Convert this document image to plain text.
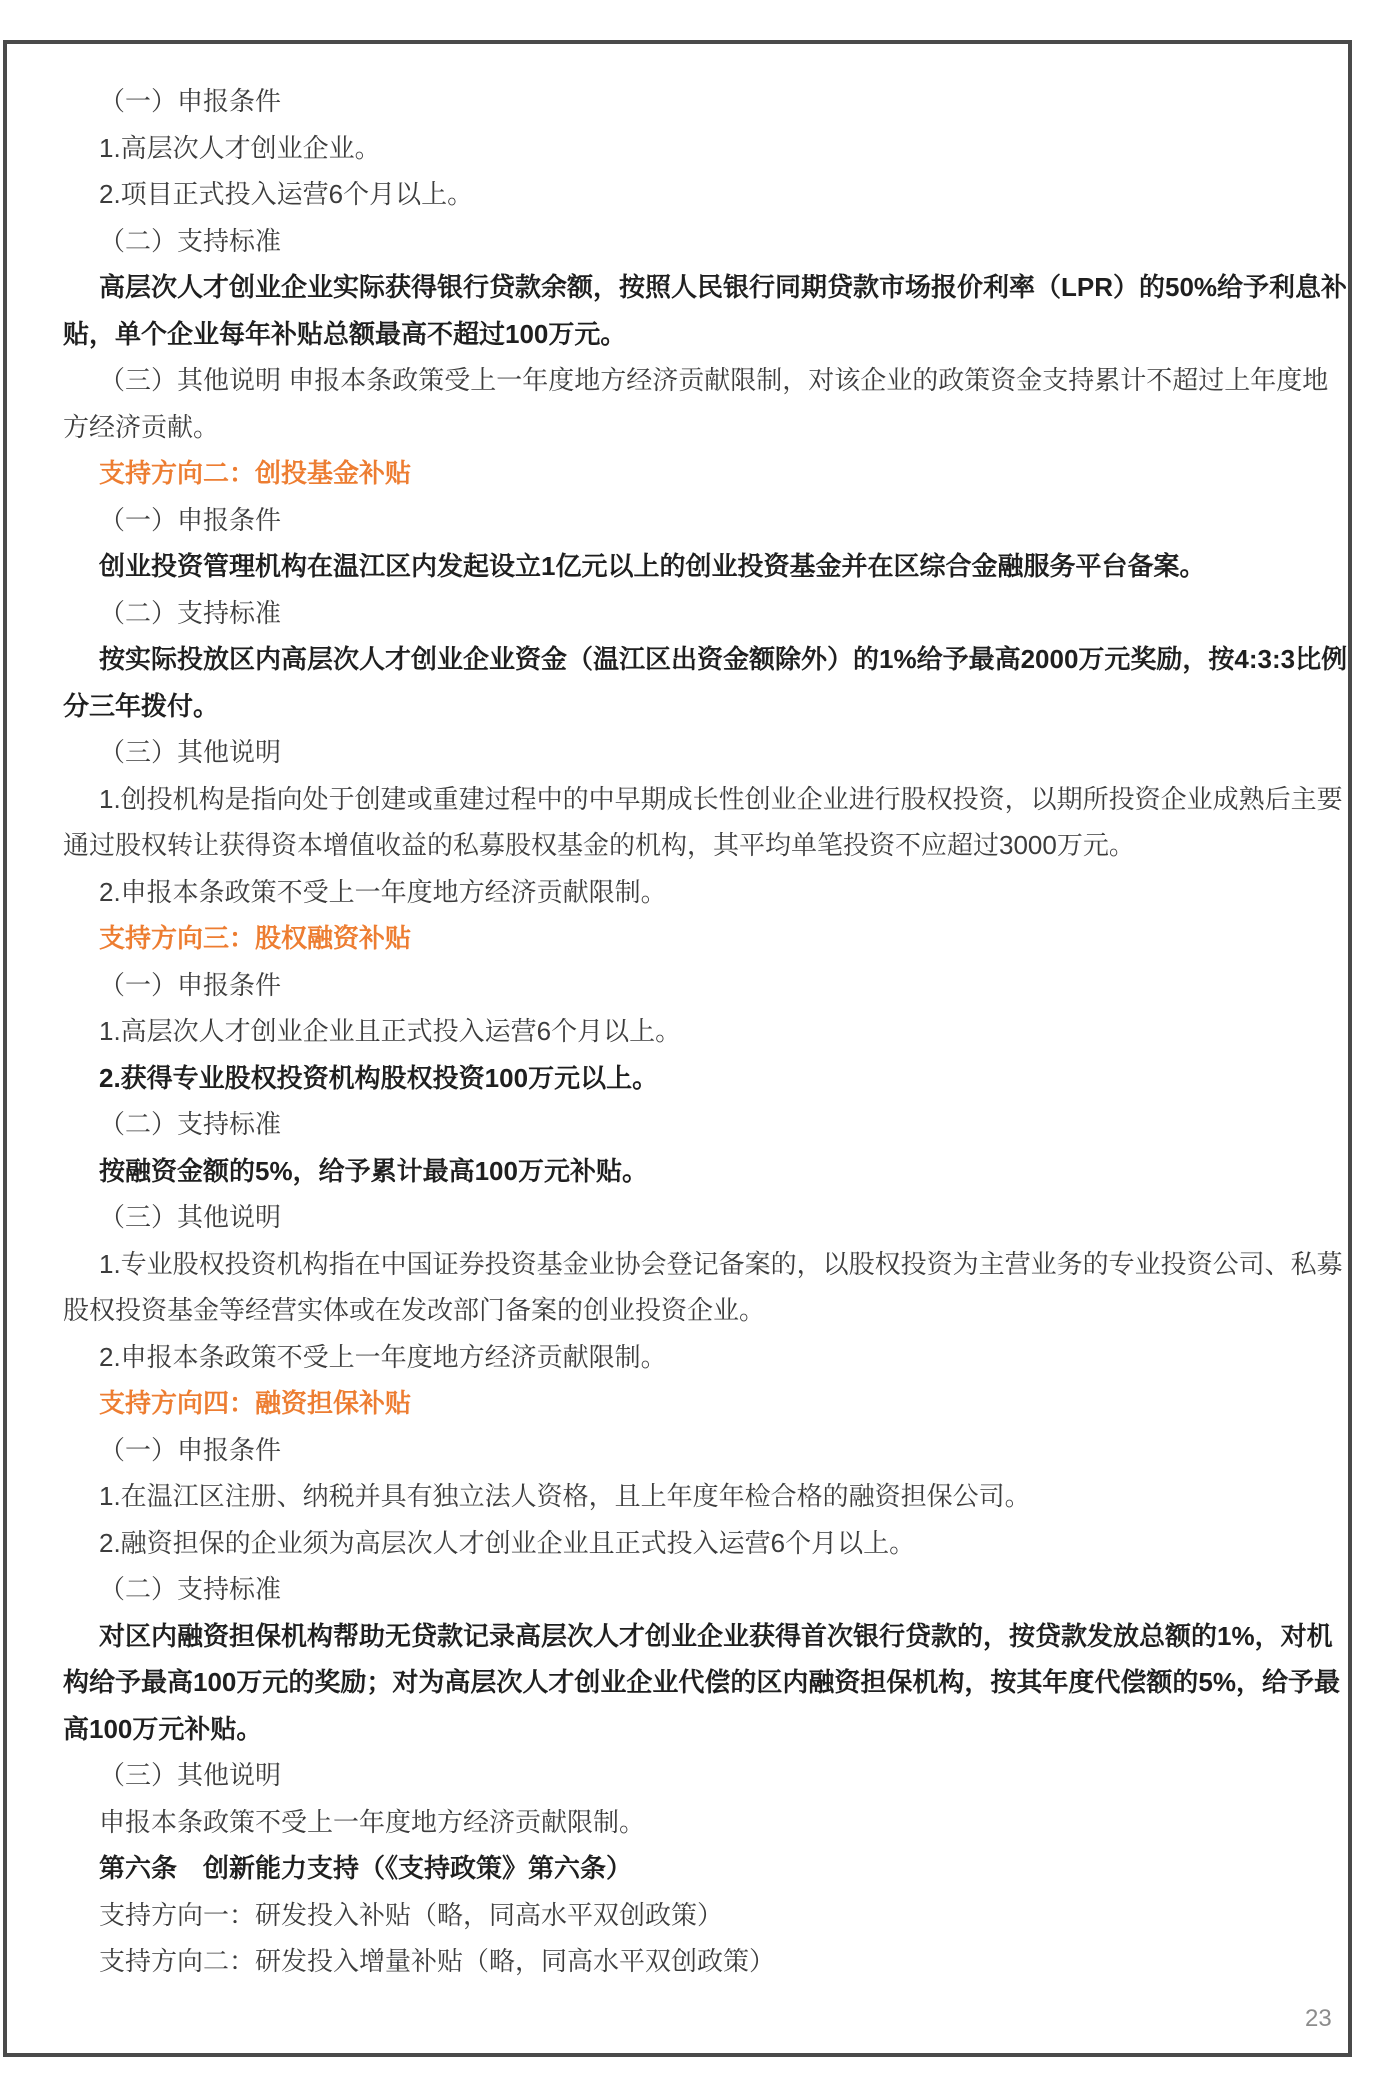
（一）申报条件

1.高层次人才创业企业。

2.项目正式投入运营6个月以上。

（二）支持标准

高层次人才创业企业实际获得银行贷款余额，按照人民银行同期贷款市场报价利率（LPR）的50%给予利息补贴，单个企业每年补贴总额最高不超过100万元。

（三）其他说明 申报本条政策受上一年度地方经济贡献限制，对该企业的政策资金支持累计不超过上年度地方经济贡献。

支持方向二：创投基金补贴

（一）申报条件

创业投资管理机构在温江区内发起设立1亿元以上的创业投资基金并在区综合金融服务平台备案。

（二）支持标准

按实际投放区内高层次人才创业企业资金（温江区出资金额除外）的1%给予最高2000万元奖励，按4:3:3比例分三年拨付。

（三）其他说明

1.创投机构是指向处于创建或重建过程中的中早期成长性创业企业进行股权投资，以期所投资企业成熟后主要通过股权转让获得资本增值收益的私募股权基金的机构，其平均单笔投资不应超过3000万元。

2.申报本条政策不受上一年度地方经济贡献限制。

支持方向三：股权融资补贴

（一）申报条件

1.高层次人才创业企业且正式投入运营6个月以上。

2.获得专业股权投资机构股权投资100万元以上。

（二）支持标准

按融资金额的5%，给予累计最高100万元补贴。

（三）其他说明

1.专业股权投资机构指在中国证券投资基金业协会登记备案的，以股权投资为主营业务的专业投资公司、私募股权投资基金等经营实体或在发改部门备案的创业投资企业。

2.申报本条政策不受上一年度地方经济贡献限制。

支持方向四：融资担保补贴

（一）申报条件

1.在温江区注册、纳税并具有独立法人资格，且上年度年检合格的融资担保公司。

2.融资担保的企业须为高层次人才创业企业且正式投入运营6个月以上。

（二）支持标准

对区内融资担保机构帮助无贷款记录高层次人才创业企业获得首次银行贷款的，按贷款发放总额的1%，对机构给予最高100万元的奖励；对为高层次人才创业企业代偿的区内融资担保机构，按其年度代偿额的5%，给予最高100万元补贴。

（三）其他说明

申报本条政策不受上一年度地方经济贡献限制。

第六条　创新能力支持（《支持政策》第六条）

支持方向一：研发投入补贴（略，同高水平双创政策）

支持方向二：研发投入增量补贴（略，同高水平双创政策）

23
